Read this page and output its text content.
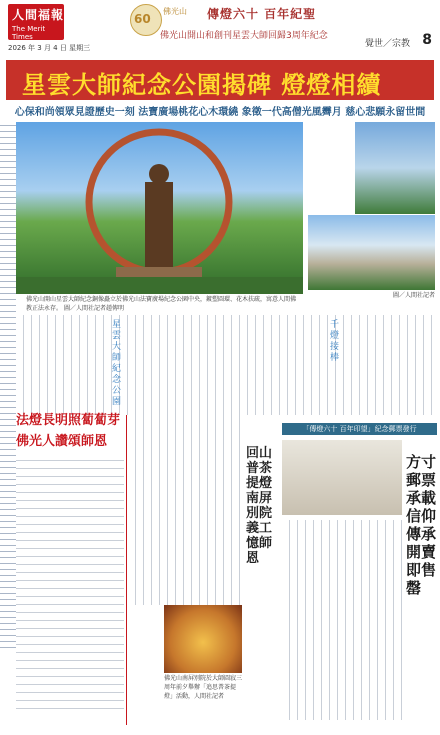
人間福報
The Merit Times
2026 年 3 月 4 日 星期三
60
佛光山 傳燈六十 百年紀聖
佛光山開山和創刊星雲大師回歸3周年紀念
覺世／宗教 8
星雲大師紀念公園揭碑 燈燈相續
心保和尚領眾見證歷史一刻 法寶廣場桃花心木環繞 象徵一代高僧光風霽月 慈心悲願永留世間
佛光山開山星雲大師紀念銅像矗立於佛光山法寶廣場紀念公園中央，鍍塑圓環、花木扶疏，寓意人間佛教正法永存。 圖／人間社記者趙傳明
圖／人間社記者
星雲大師紀念公園
千燈接棒
法燈長明照蔔蔔芽
佛光人讚頌師恩
回山普茶提燈南屏別院義工憶師恩
佛光山南屏別院於大師圓寂三周年前夕舉辦「追思普茶提燈」活動，人間社記者
「傳燈六十 百年印望」紀念郵票發行
方寸郵票承載信仰傳承 開賣即售罄
